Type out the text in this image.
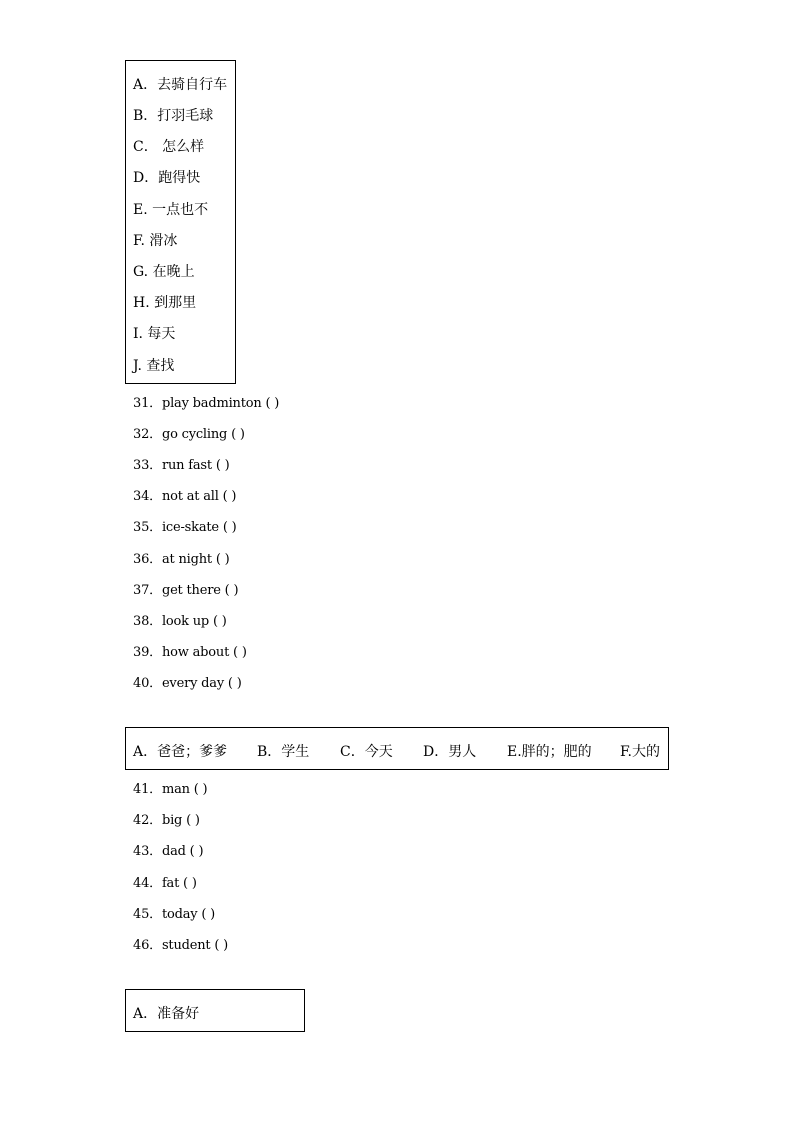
A．去骑自行车
B．打羽毛球
C． 怎么样
D．跑得快
E. 一点也不
F. 滑冰
G. 在晚上
H. 到那里
I. 每天
J. 查找
31．play badminton ( )
32．go cycling ( )
33．run fast ( )
34．not at all ( )
35．ice-skate ( )
36．at night ( )
37．get there ( )
38．look up ( )
39．how about ( )
40．every day ( )
A．爸爸；爹爹 B．学生 C．今天 D．男人 E.胖的；肥的 F.大的
41．man ( )
42．big ( )
43．dad ( )
44．fat ( )
45．today ( )
46．student ( )
A．准备好
